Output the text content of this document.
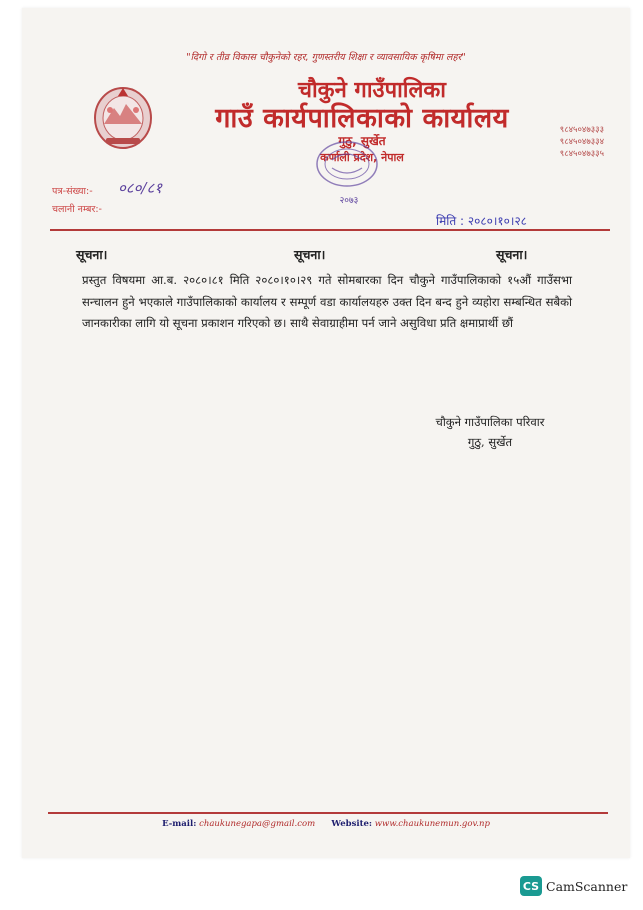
"दिगो र तीव्र विकास चौकुनेको रहर, गुणस्तरीय शिक्षा र व्यावसायिक कृषिमा लहर"
चौकुने गाउँपालिका
गाउँ कार्यपालिकाको कार्यालय
गुठु, सुर्खेत
कर्णाली प्रदेश, नेपाल
९८४५०४७३३३
९८४५०४७३३४
९८४५०४७३३५
पत्र-संख्या:- ०८०/८१
चलानी नम्बर:-
२०७३
मिति : २०८०।१०।२८
सूचना।	सूचना।	सूचना।
प्रस्तुत विषयमा आ.ब. २०८०।८१ मिति २०८०।१०।२९ गते सोमबारका दिन चौकुने गाउँपालिकाको १५औं गाउँसभा सन्चालन हुने भएकाले गाउँपालिकाको कार्यालय र सम्पूर्ण वडा कार्यालयहरु उक्त दिन बन्द हुने व्यहोरा सम्बन्धित सबैको जानकारीका लागि यो सूचना प्रकाशन गरिएको छ। साथै सेवाग्राहीमा पर्न जाने असुविधा प्रति क्षमाप्रार्थी छौं
चौकुने गाउँपालिका परिवार
गुठु, सुर्खेत
E-mail: chaukunegapa@gmail.com Website: www.chaukunemun.gov.np
CS CamScanner
